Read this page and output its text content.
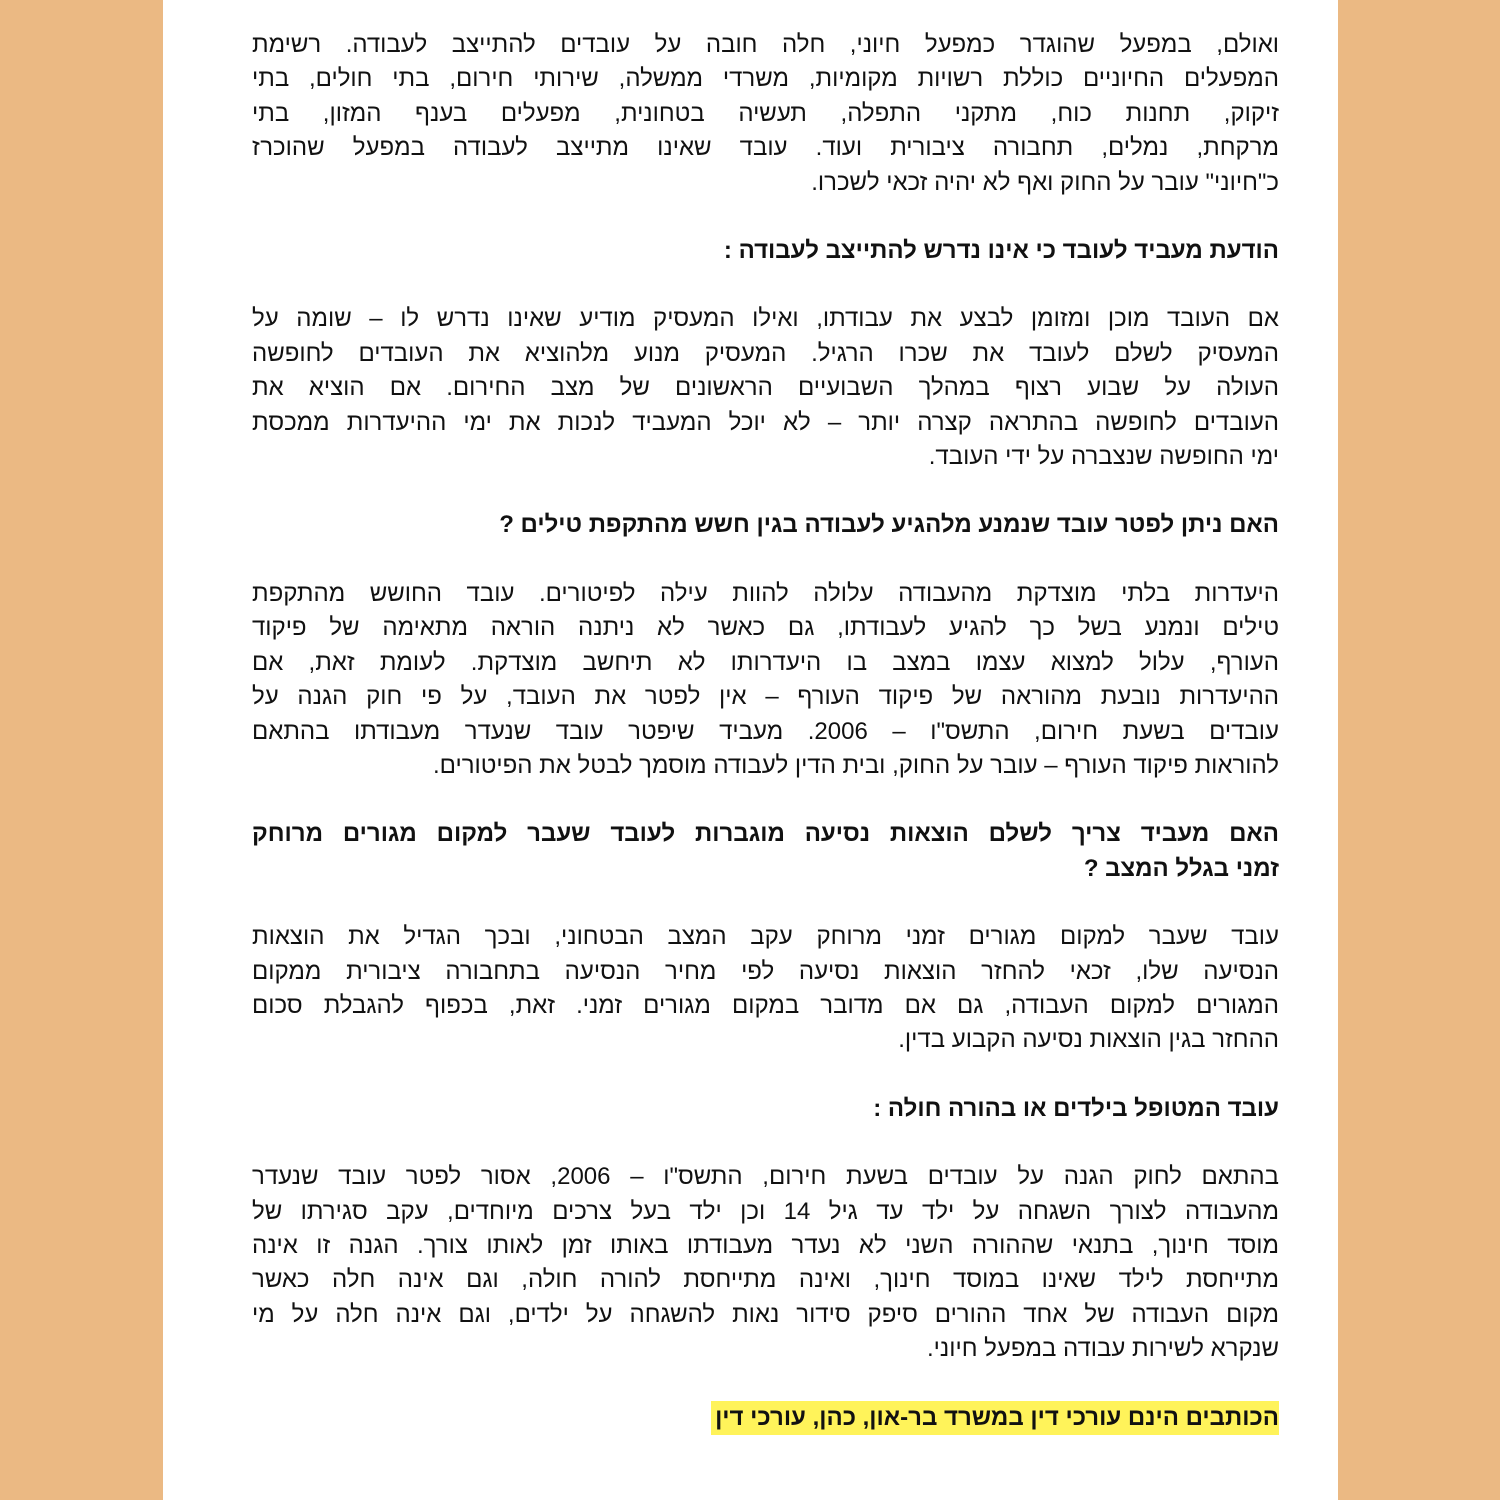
ואולם, במפעל שהוגדר כמפעל חיוני, חלה חובה על עובדים להתייצב לעבודה. רשימת
המפעלים החיוניים כוללת רשויות מקומיות, משרדי ממשלה, שירותי חירום, בתי חולים, בתי
זיקוק, תחנות כוח, מתקני התפלה, תעשיה בטחונית, מפעלים בענף המזון, בתי
מרקחת, נמלים, תחבורה ציבורית ועוד. עובד שאינו מתייצב לעבודה במפעל שהוכרז
כ"חיוני" עובר על החוק ואף לא יהיה זכאי לשכרו.

הודעת מעביד לעובד כי אינו נדרש להתייצב לעבודה :

אם העובד מוכן ומזומן לבצע את עבודתו, ואילו המעסיק מודיע שאינו נדרש לו – שומה על
המעסיק לשלם לעובד את שכרו הרגיל. המעסיק מנוע מלהוציא את העובדים לחופשה
העולה על שבוע רצוף במהלך השבועיים הראשונים של מצב החירום. אם הוציא את
העובדים לחופשה בהתראה קצרה יותר – לא יוכל המעביד לנכות את ימי ההיעדרות ממכסת
ימי החופשה שנצברה על ידי העובד.

האם ניתן לפטר עובד שנמנע מלהגיע לעבודה בגין חשש מהתקפת טילים ?

היעדרות בלתי מוצדקת מהעבודה עלולה להוות עילה לפיטורים. עובד החושש מהתקפת
טילים ונמנע בשל כך להגיע לעבודתו, גם כאשר לא ניתנה הוראה מתאימה של פיקוד
העורף, עלול למצוא עצמו במצב בו היעדרותו לא תיחשב מוצדקת. לעומת זאת, אם
ההיעדרות נובעת מהוראה של פיקוד העורף – אין לפטר את העובד, על פי חוק הגנה על
עובדים בשעת חירום, התשס"ו – 2006. מעביד שיפטר עובד שנעדר מעבודתו בהתאם
להוראות פיקוד העורף – עובר על החוק, ובית הדין לעבודה מוסמך לבטל את הפיטורים.

האם מעביד צריך לשלם הוצאות נסיעה מוגברות לעובד שעבר למקום מגורים מרוחק
זמני בגלל המצב ?

עובד שעבר למקום מגורים זמני מרוחק עקב המצב הבטחוני, ובכך הגדיל את הוצאות
הנסיעה שלו, זכאי להחזר הוצאות נסיעה לפי מחיר הנסיעה בתחבורה ציבורית ממקום
המגורים למקום העבודה, גם אם מדובר במקום מגורים זמני. זאת, בכפוף להגבלת סכום
ההחזר בגין הוצאות נסיעה הקבוע בדין.

עובד המטופל בילדים או בהורה חולה :

בהתאם לחוק הגנה על עובדים בשעת חירום, התשס"ו – 2006, אסור לפטר עובד שנעדר
מהעבודה לצורך השגחה על ילד עד גיל 14 וכן ילד בעל צרכים מיוחדים, עקב סגירתו של
מוסד חינוך, בתנאי שההורה השני לא נעדר מעבודתו באותו זמן לאותו צורך. הגנה זו אינה
מתייחסת לילד שאינו במוסד חינוך, ואינה מתייחסת להורה חולה, וגם אינה חלה כאשר
מקום העבודה של אחד ההורים סיפק סידור נאות להשגחה על ילדים, וגם אינה חלה על מי
שנקרא לשירות עבודה במפעל חיוני.

הכותבים הינם עורכי דין במשרד בר-און, כהן, עורכי דין
